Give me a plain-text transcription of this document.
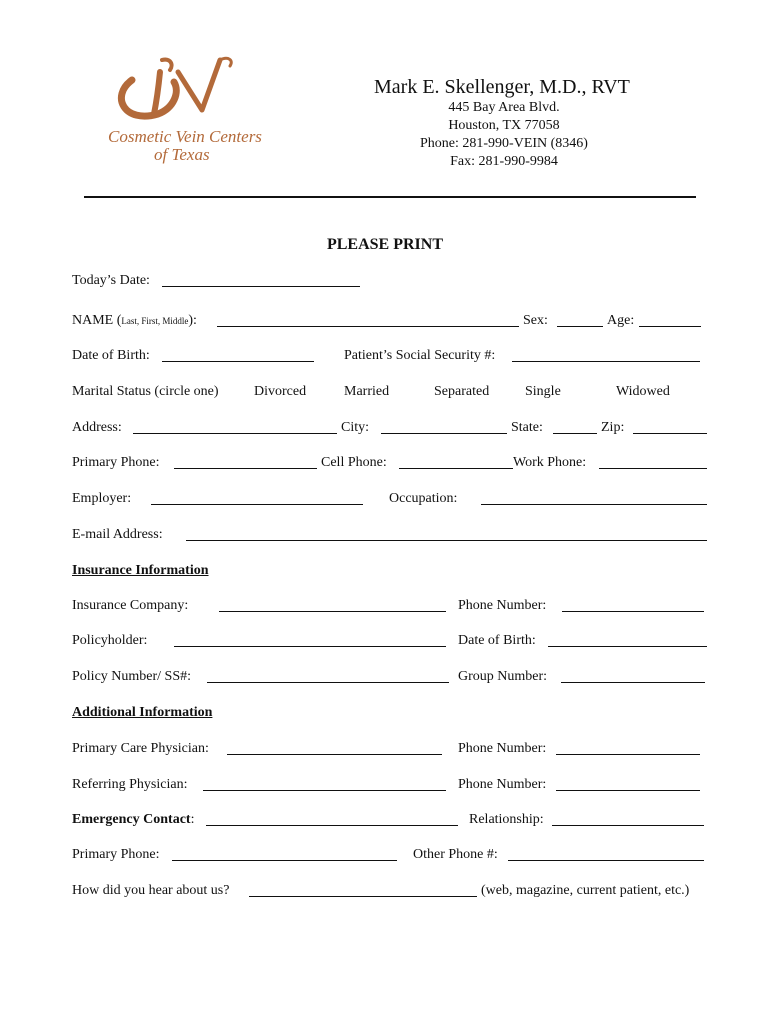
Cosmetic Vein Centers
of Texas
Mark E. Skellenger, M.D., RVT
445 Bay Area Blvd.
Houston, TX 77058
Phone: 281-990-VEIN (8346)
Fax: 281-990-9984
PLEASE PRINT
Today’s Date:
NAME (Last, First, Middle):	Sex:	Age:
Date of Birth:	Patient’s Social Security #:
Marital Status (circle one)	Divorced	Married	Separated	Single	Widowed
Address:	City:	State:	Zip:
Primary Phone:	Cell Phone:	Work Phone:
Employer:	Occupation:
E-mail Address:
Insurance Information
Insurance Company:	Phone Number:
Policyholder:	Date of Birth:
Policy Number/ SS#:	Group Number:
Additional Information
Primary Care Physician:	Phone Number:
Referring Physician:	Phone Number:
Emergency Contact:	Relationship:
Primary Phone:	Other Phone #:
How did you hear about us?	(web, magazine, current patient, etc.)
